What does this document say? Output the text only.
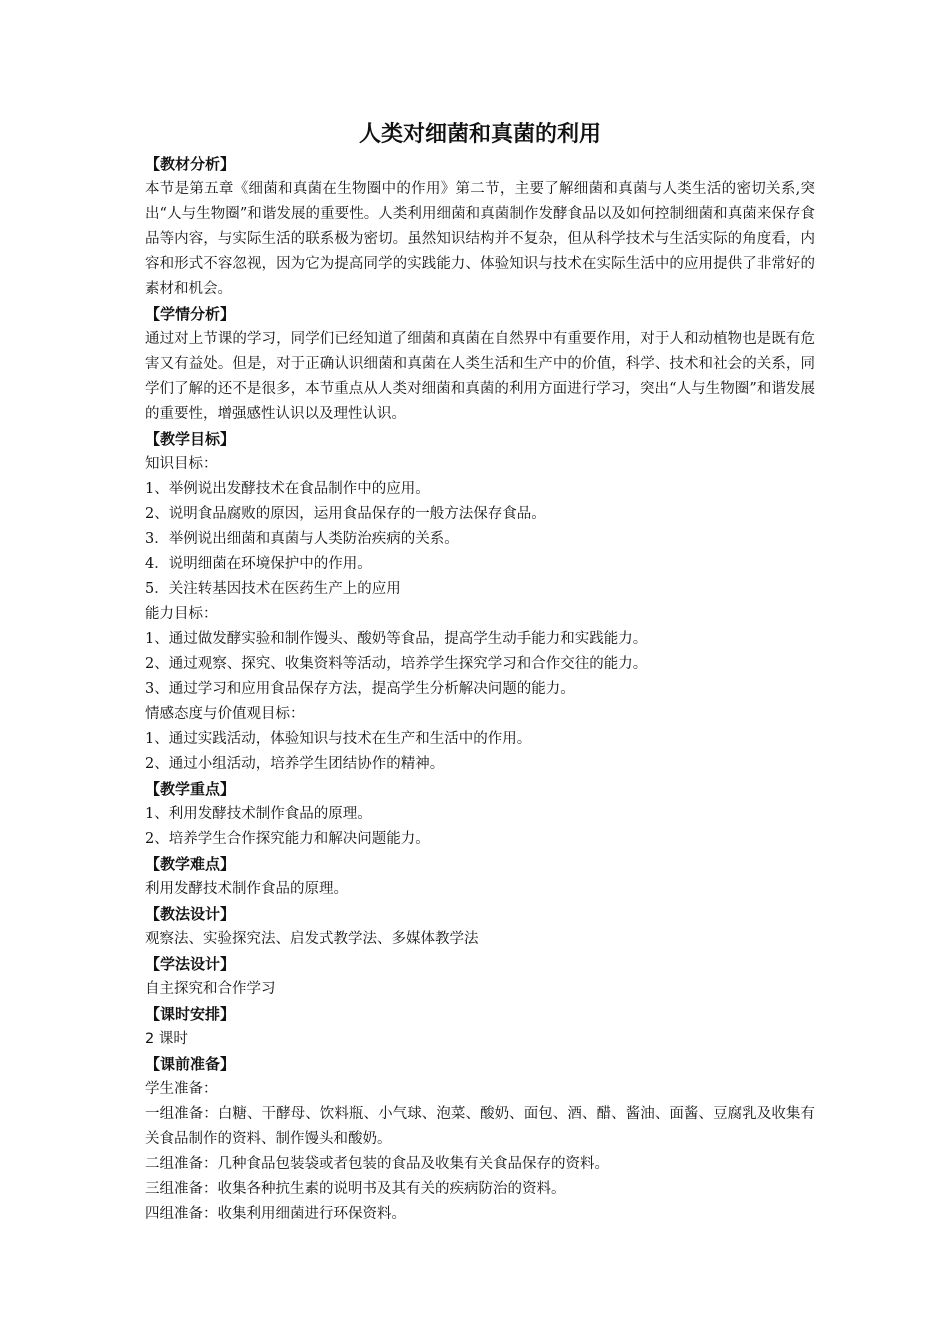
人类对细菌和真菌的利用
【教材分析】

本节是第五章《细菌和真菌在生物圈中的作用》第二节，主要了解细菌和真菌与人类生活的密切关系,突出“人与生物圈”和谐发展的重要性。人类利用细菌和真菌制作发酵食品以及如何控制细菌和真菌来保存食品等内容，与实际生活的联系极为密切。虽然知识结构并不复杂，但从科学技术与生活实际的角度看，内容和形式不容忽视，因为它为提高同学的实践能力、体验知识与技术在实际生活中的应用提供了非常好的素材和机会。

【学情分析】

通过对上节课的学习，同学们已经知道了细菌和真菌在自然界中有重要作用，对于人和动植物也是既有危害又有益处。但是，对于正确认识细菌和真菌在人类生活和生产中的价值，科学、技术和社会的关系，同学们了解的还不是很多，本节重点从人类对细菌和真菌的利用方面进行学习，突出“人与生物圈”和谐发展的重要性，增强感性认识以及理性认识。

【教学目标】

知识目标：

1、举例说出发酵技术在食品制作中的应用。

2、说明食品腐败的原因，运用食品保存的一般方法保存食品。

3．举例说出细菌和真菌与人类防治疾病的关系。

4．说明细菌在环境保护中的作用。

5．关注转基因技术在医药生产上的应用

能力目标：

1、通过做发酵实验和制作馒头、酸奶等食品，提高学生动手能力和实践能力。

2、通过观察、探究、收集资料等活动，培养学生探究学习和合作交往的能力。

3、通过学习和应用食品保存方法，提高学生分析解决问题的能力。

情感态度与价值观目标：

1、通过实践活动，体验知识与技术在生产和生活中的作用。

2、通过小组活动，培养学生团结协作的精神。

【教学重点】

1、利用发酵技术制作食品的原理。

2、培养学生合作探究能力和解决问题能力。

【教学难点】

利用发酵技术制作食品的原理。

【教法设计】

观察法、实验探究法、启发式教学法、多媒体教学法

【学法设计】

自主探究和合作学习

【课时安排】

2 课时

【课前准备】

学生准备：

一组准备：白糖、干酵母、饮料瓶、小气球、泡菜、酸奶、面包、酒、醋、酱油、面酱、豆腐乳及收集有关食品制作的资料、制作馒头和酸奶。

二组准备：几种食品包装袋或者包装的食品及收集有关食品保存的资料。

三组准备：收集各种抗生素的说明书及其有关的疾病防治的资料。

四组准备：收集利用细菌进行环保资料。
